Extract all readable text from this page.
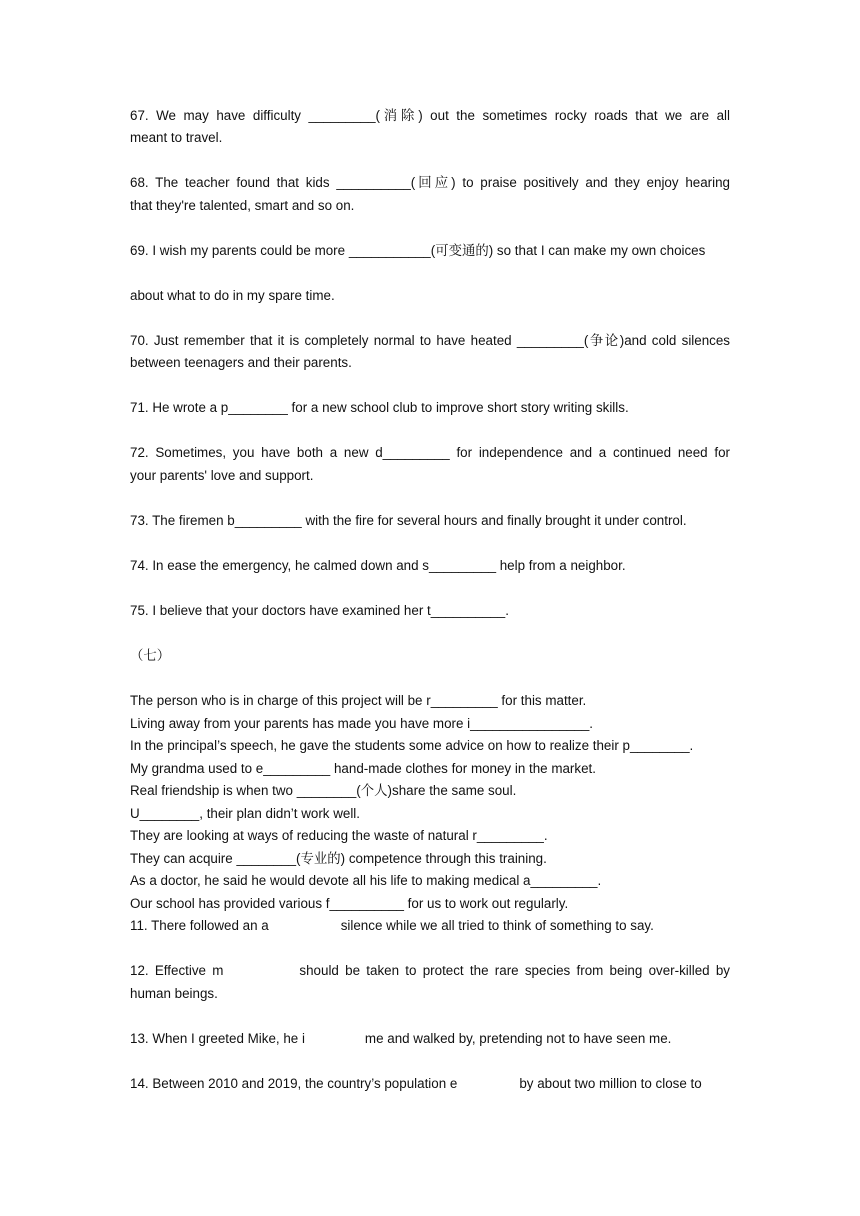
67. We may have difficulty _________(消除) out the sometimes rocky roads that we are all
meant to travel.
68. The teacher found that kids __________(回应) to praise positively and they enjoy hearing
that they're talented, smart and so on.
69. I wish my parents could be more ___________(可变通的) so that I can make my own choices
about what to do in my spare time.
70. Just remember that it is completely normal to have heated _________(争论)and cold silences
between teenagers and their parents.
71. He wrote a p________ for a new school club to improve short story writing skills.
72. Sometimes, you have both a new d_________ for independence and a continued need for
your parents' love and support.
73. The firemen b_________ with the fire for several hours and finally brought it under control.
74. In ease the emergency, he calmed down and s_________ help from a neighbor.
75. I believe that your doctors have examined her t__________.
（七）
The person who is in charge of this project will be r_________ for this matter.
Living away from your parents has made you have more i________________.
In the principal’s speech, he gave the students some advice on how to realize their p________.
My grandma used to e_________ hand-made clothes for money in the market.
Real friendship is when two ________(个人)share the same soul.
U________, their plan didn’t work well.
They are looking at ways of reducing the waste of natural r_________.
They can acquire ________(专业的) competence through this training.
As a doctor, he said he would devote all his life to making medical a_________.
Our school has provided various f__________ for us to work out regularly.
11. There followed an a	silence while we all tried to think of something to say.
12. Effective m	should be taken to protect the rare species from being over-killed by
human beings.
13. When I greeted Mike, he i	me and walked by, pretending not to have seen me.
14. Between 2010 and 2019, the country’s population e	by about two million to close to
